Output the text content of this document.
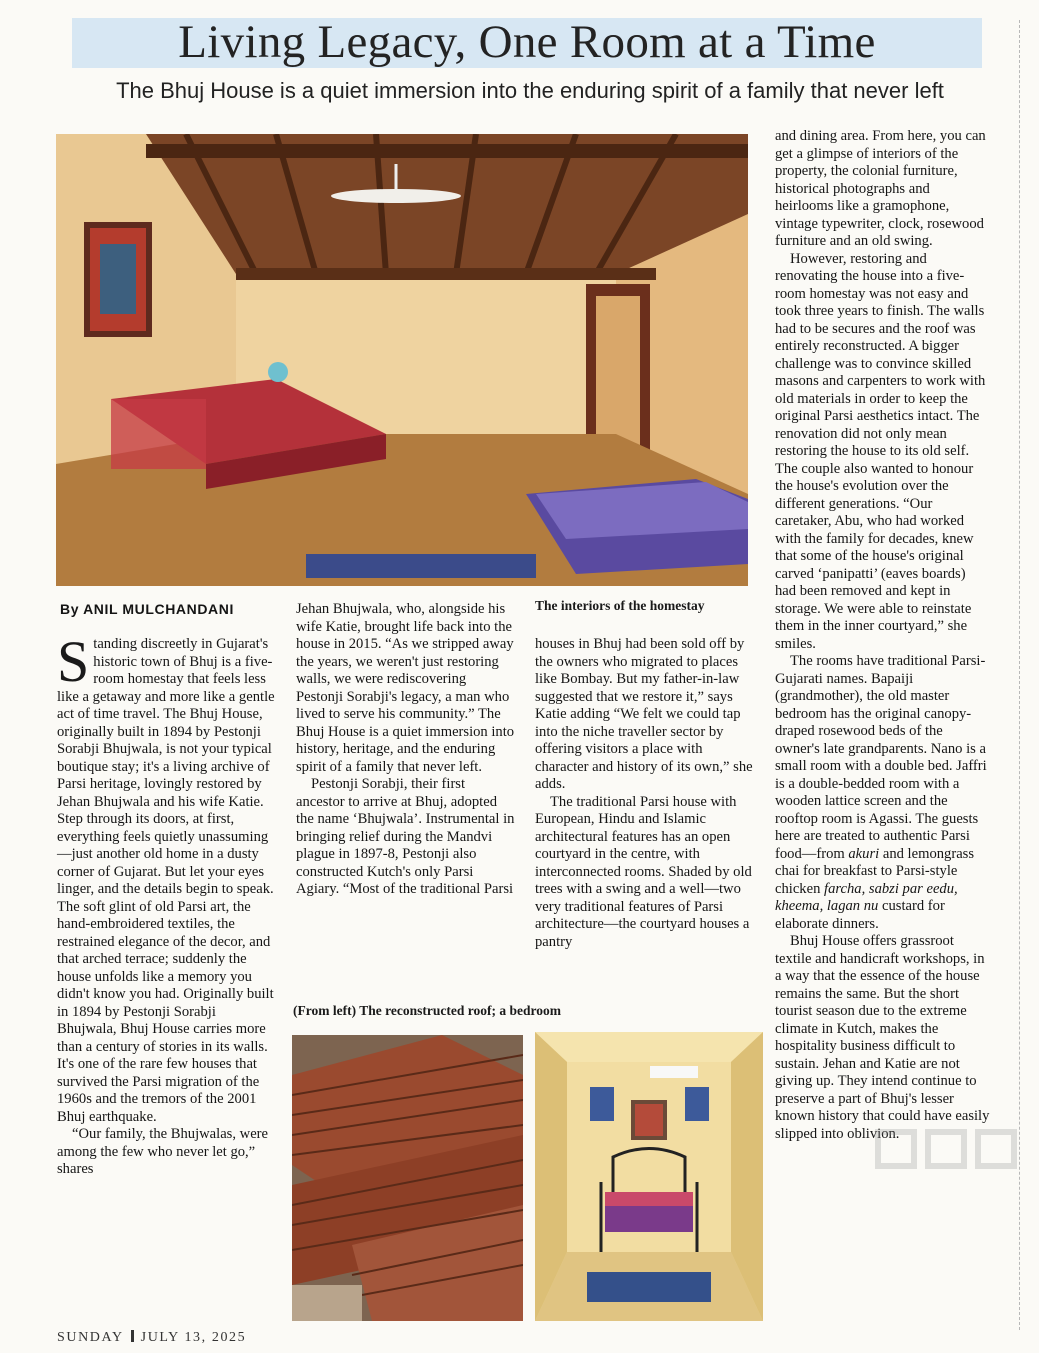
Living Legacy, One Room at a Time

The Bhuj House is a quiet immersion into the enduring spirit of a family that never left

By ANIL MULCHANDANI	The interiors of the homestay

Standing discreetly in Gujarat's historic town of Bhuj is a five-room homestay that feels less like a getaway and more like a gentle act of time travel. The Bhuj House, originally built in 1894 by Pestonji Sorabji Bhujwala, is not your typical boutique stay; it's a living archive of Parsi heritage, lovingly restored by Jehan Bhujwala and his wife Katie. Step through its doors, at first, everything feels quietly unassuming—just another old home in a dusty corner of Gujarat. But let your eyes linger, and the details begin to speak. The soft glint of old Parsi art, the hand-embroidered textiles, the restrained elegance of the decor, and that arched terrace; suddenly the house unfolds like a memory you didn't know you had. Originally built in 1894 by Pestonji Sorabji Bhujwala, Bhuj House carries more than a century of stories in its walls. It's one of the rare few houses that survived the Parsi migration of the 1960s and the tremors of the 2001 Bhuj earthquake.

“Our family, the Bhujwalas, were among the few who never let go,” shares

Jehan Bhujwala, who, alongside his wife Katie, brought life back into the house in 2015. “As we stripped away the years, we weren't just restoring walls, we were rediscovering Pestonji Sorabji's legacy, a man who lived to serve his community.” The Bhuj House is a quiet immersion into history, heritage, and the enduring spirit of a family that never left.

Pestonji Sorabji, their first ancestor to arrive at Bhuj, adopted the name ‘Bhujwala’. Instrumental in bringing relief during the Mandvi plague in 1897-8, Pestonji also constructed Kutch's only Parsi Agiary. “Most of the traditional Parsi

houses in Bhuj had been sold off by the owners who migrated to places like Bombay. But my father-in-law suggested that we restore it,” says Katie adding “We felt we could tap into the niche traveller sector by offering visitors a place with character and history of its own,” she adds.

The traditional Parsi house with European, Hindu and Islamic architectural features has an open courtyard in the centre, with interconnected rooms. Shaded by old trees with a swing and a well—two very traditional features of Parsi architecture—the courtyard houses a pantry

(From left) The reconstructed roof; a bedroom

and dining area. From here, you can get a glimpse of interiors of the property, the colonial furniture, historical photographs and heirlooms like a gramophone, vintage typewriter, clock, rosewood furniture and an old swing.

However, restoring and renovating the house into a five-room homestay was not easy and took three years to finish. The walls had to be secures and the roof was entirely reconstructed. A bigger challenge was to convince skilled masons and carpenters to work with old materials in order to keep the original Parsi aesthetics intact. The renovation did not only mean restoring the house to its old self. The couple also wanted to honour the house's evolution over the different generations. “Our caretaker, Abu, who had worked with the family for decades, knew that some of the house's original carved ‘panipatti’ (eaves boards) had been removed and kept in storage. We were able to reinstate them in the inner courtyard,” she smiles.

The rooms have traditional Parsi-Gujarati names. Bapaiji (grandmother), the old master bedroom has the original canopy-draped rosewood beds of the owner's late grandparents. Nano is a small room with a double bed. Jaffri is a double-bedded room with a wooden lattice screen and the rooftop room is Agassi. The guests here are treated to authentic Parsi food—from akuri and lemongrass chai for breakfast to Parsi-style chicken farcha, sabzi par eedu, kheema, lagan nu custard for elaborate dinners.

Bhuj House offers grassroot textile and handicraft workshops, in a way that the essence of the house remains the same. But the short tourist season due to the extreme climate in Kutch, makes the hospitality business difficult to sustain. Jehan and Katie are not giving up. They intend continue to preserve a part of Bhuj's lesser known history that could have easily slipped into oblivion.

SUNDAY JULY 13, 2025
